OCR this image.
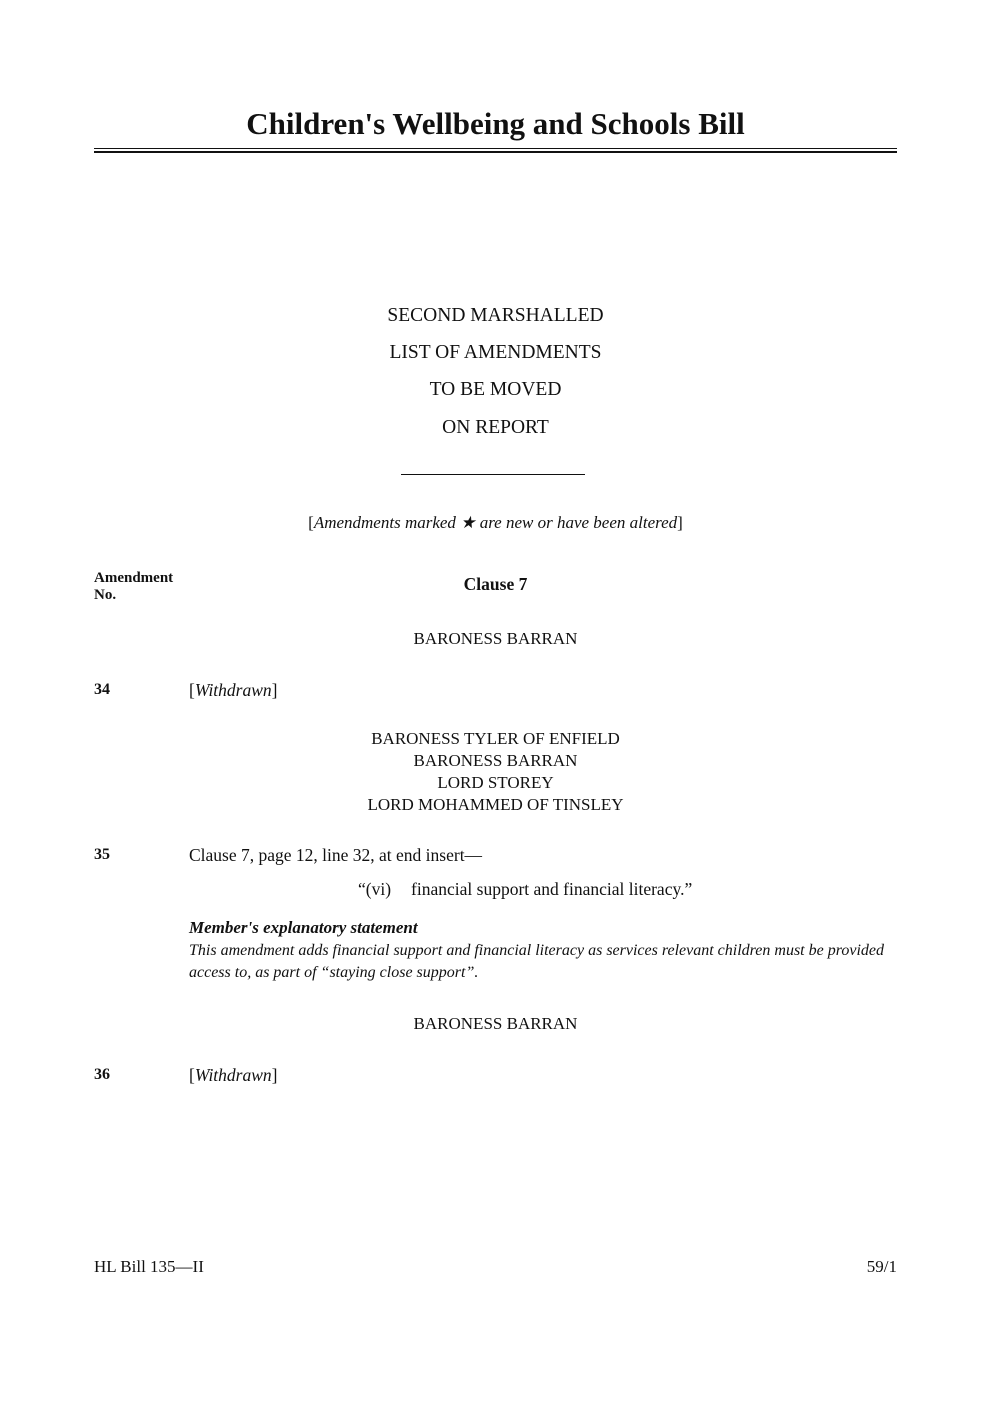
Children's Wellbeing and Schools Bill
SECOND MARSHALLED
LIST OF AMENDMENTS
TO BE MOVED
ON REPORT
[Amendments marked ★ are new or have been altered]
Amendment
No.
Clause 7
BARONESS BARRAN
34	[Withdrawn]
BARONESS TYLER OF ENFIELD
BARONESS BARRAN
LORD STOREY
LORD MOHAMMED OF TINSLEY
35	Clause 7, page 12, line 32, at end insert—
“(vi) financial support and financial literacy.”
Member's explanatory statement
This amendment adds financial support and financial literacy as services relevant children must be provided access to, as part of “staying close support”.
BARONESS BARRAN
36	[Withdrawn]
HL Bill 135—II	59/1
